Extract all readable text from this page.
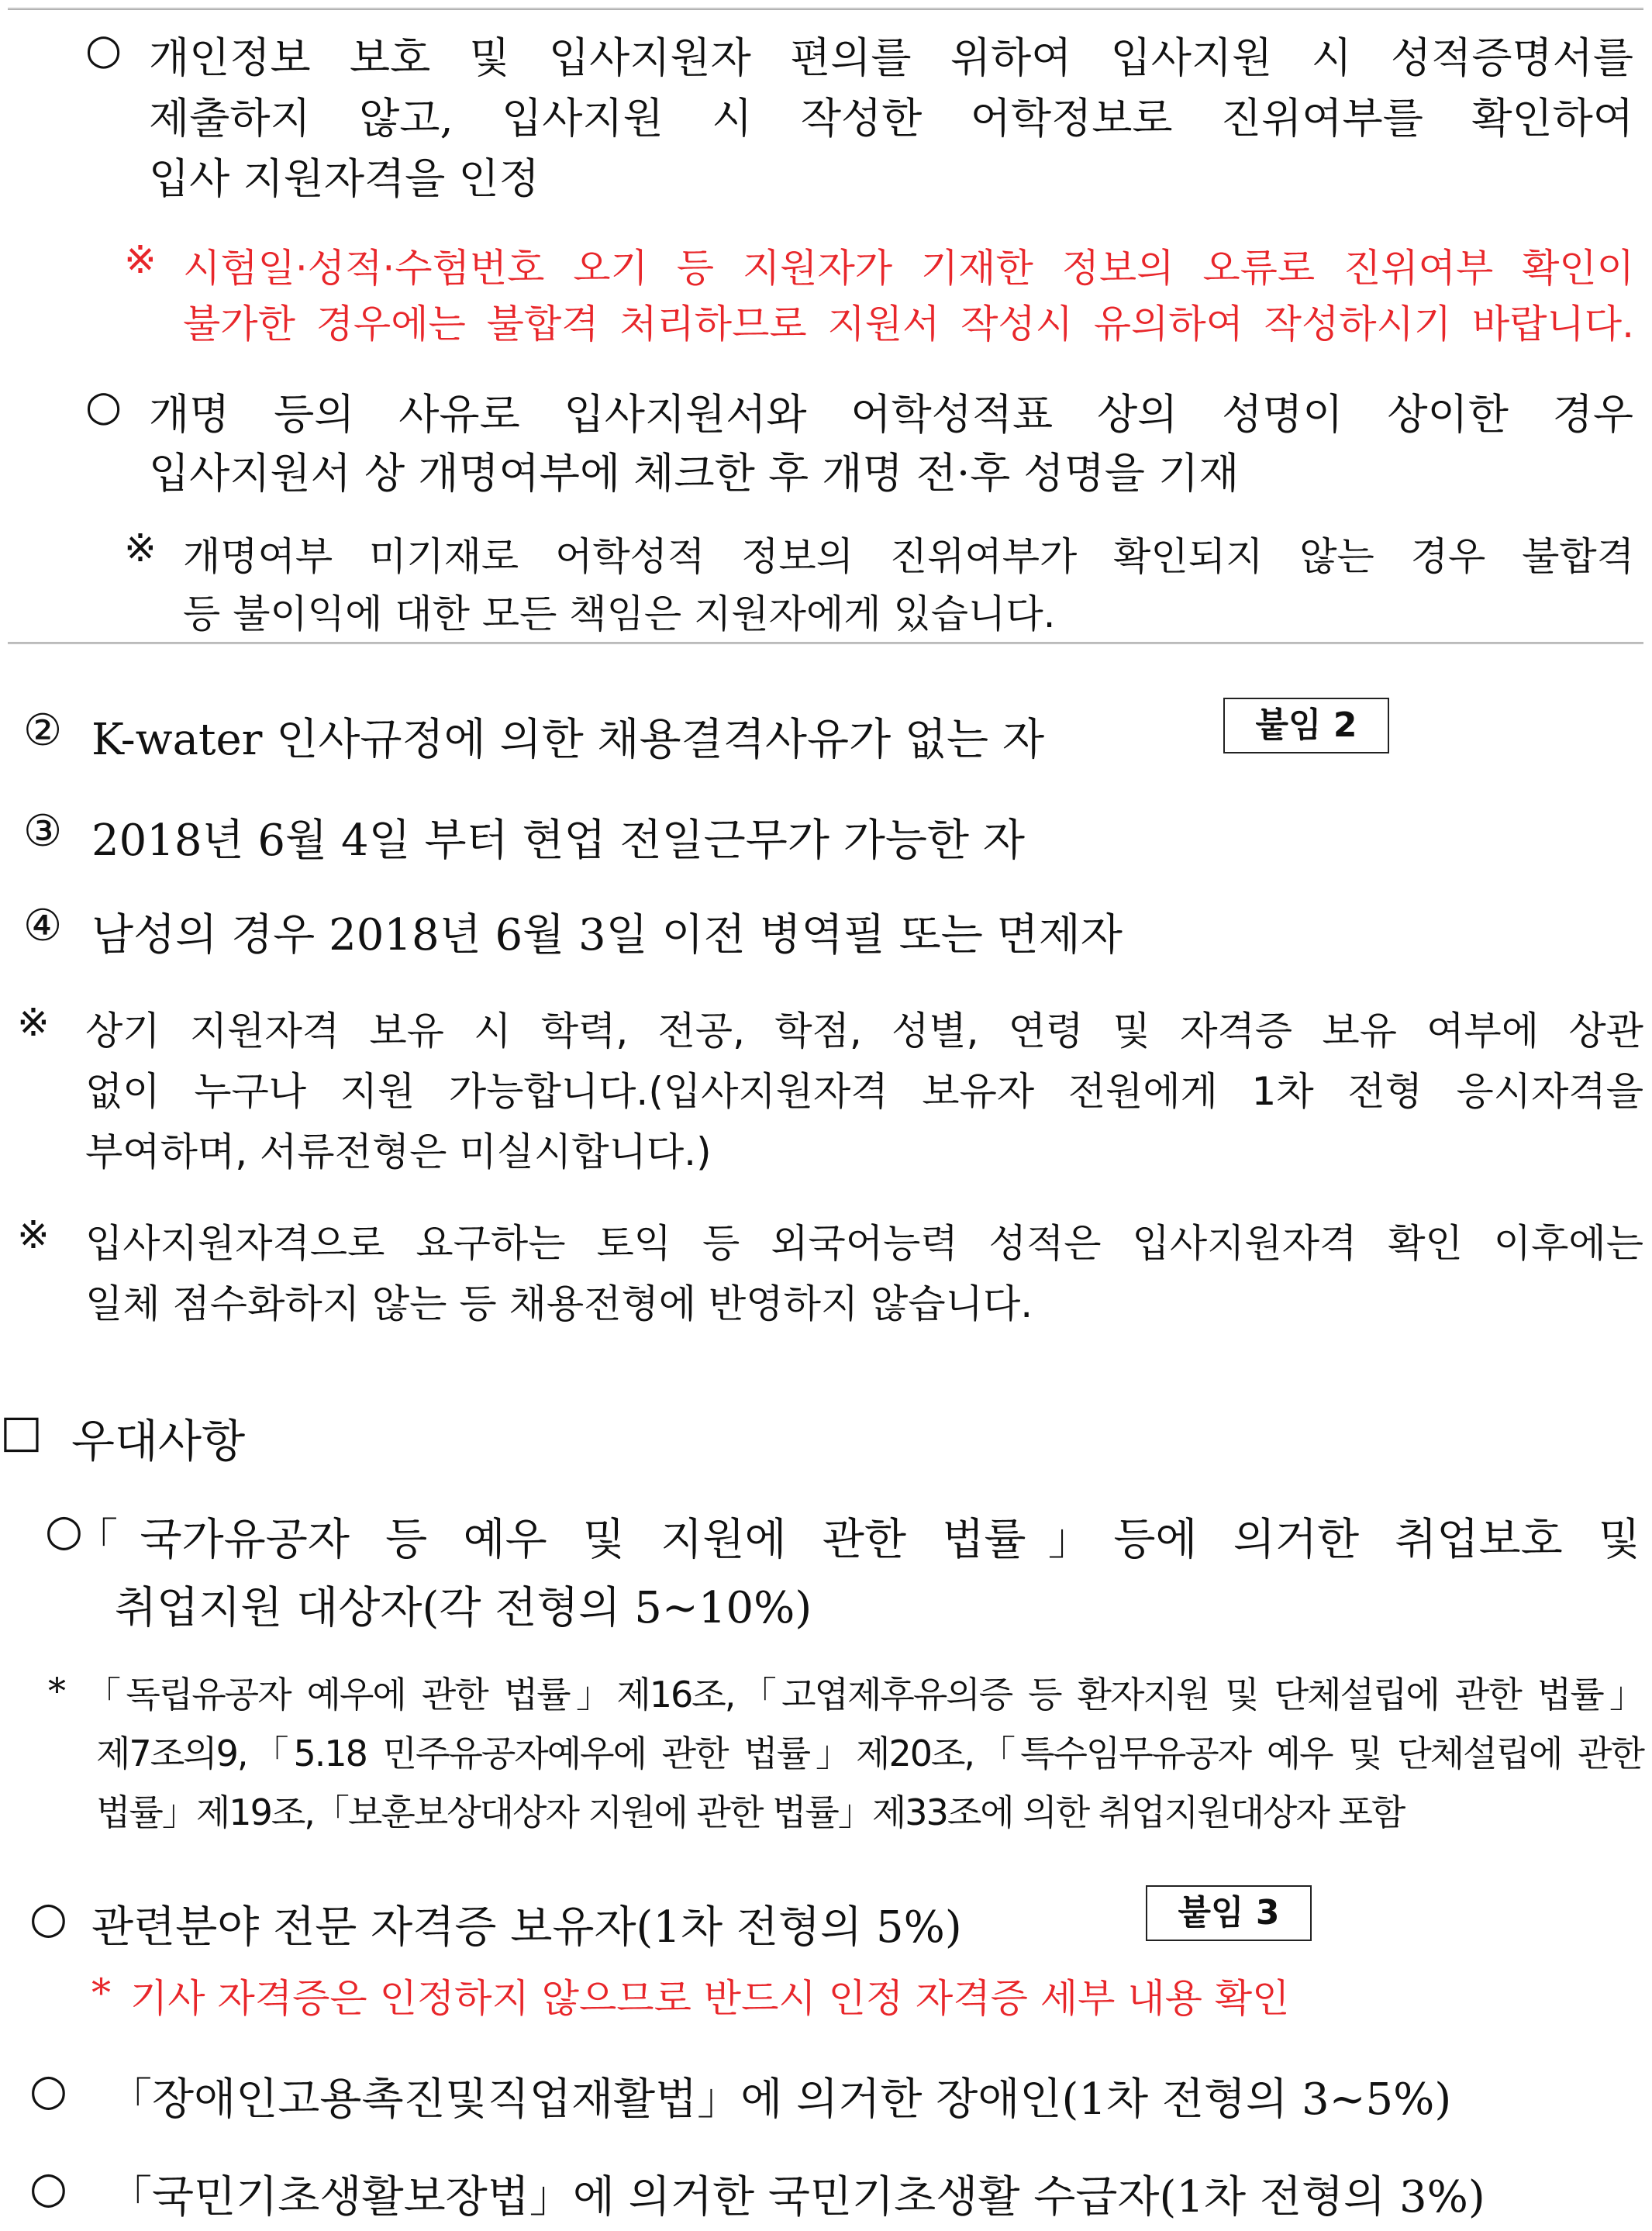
○ 개인정보 보호 및 입사지원자 편의를 위하여 입사지원 시 성적증명서를
제출하지 않고, 입사지원 시 작성한 어학정보로 진위여부를 확인하여
입사 지원자격을 인정
※ 시험일·성적·수험번호 오기 등 지원자가 기재한 정보의 오류로 진위여부 확인이
불가한 경우에는 불합격 처리하므로 지원서 작성시 유의하여 작성하시기 바랍니다.
○ 개명 등의 사유로 입사지원서와 어학성적표 상의 성명이 상이한 경우
입사지원서 상 개명여부에 체크한 후 개명 전·후 성명을 기재
※ 개명여부 미기재로 어학성적 정보의 진위여부가 확인되지 않는 경우 불합격
등 불이익에 대한 모든 책임은 지원자에게 있습니다.
② K-water 인사규정에 의한 채용결격사유가 없는 자	붙임 2
③ 2018년 6월 4일 부터 현업 전일근무가 가능한 자
④ 남성의 경우 2018년 6월 3일 이전 병역필 또는 면제자
※ 상기 지원자격 보유 시 학력, 전공, 학점, 성별, 연령 및 자격증 보유 여부에 상관
없이 누구나 지원 가능합니다.(입사지원자격 보유자 전원에게 1차 전형 응시자격을
부여하며, 서류전형은 미실시합니다.)
※ 입사지원자격으로 요구하는 토익 등 외국어능력 성적은 입사지원자격 확인 이후에는
일체 점수화하지 않는 등 채용전형에 반영하지 않습니다.
□ 우대사항
○
「국가유공자 등 예우 및 지원에 관한 법률」등에 의거한 취업보호 및
취업지원 대상자(각 전형의 5~10%)
* 「독립유공자 예우에 관한 법률」제16조,「고엽제후유의증 등 환자지원 및 단체설립에 관한 법률」
제7조의9,「5.18 민주유공자예우에 관한 법률」제20조,「특수임무유공자 예우 및 단체설립에 관한
법률」제19조,「보훈보상대상자 지원에 관한 법률」제33조에 의한 취업지원대상자 포함
○ 관련분야 전문 자격증 보유자(1차 전형의 5%)	붙임 3
* 기사 자격증은 인정하지 않으므로 반드시 인정 자격증 세부 내용 확인
○ 「장애인고용촉진및직업재활법」에 의거한 장애인(1차 전형의 3~5%)
○ 「국민기초생활보장법」에 의거한 국민기초생활 수급자(1차 전형의 3%)
